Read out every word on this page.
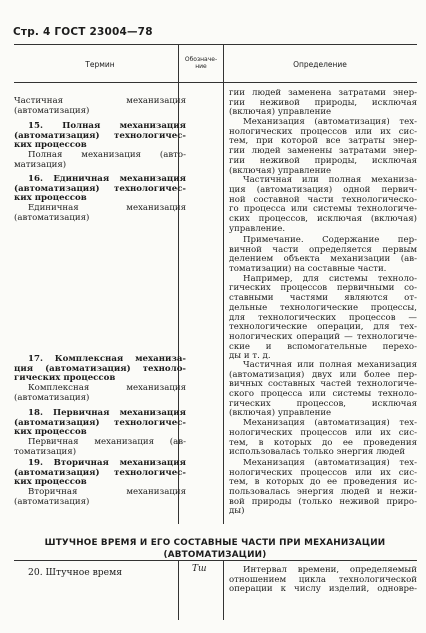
Стр. 4 ГОСТ 23004—78
Термин
Обозначе-
ние	Определение
Частичная механизация
(автоматизация)
15. Полная механизация
(автоматизация) технологичес-
ких процессов
Полная механизация (авто-
матизация)
16. Единичная механизация
(автоматизация) технологичес-
ких процессов
Единичная механизация
(автоматизация)
17. Комплексная механиза-
ция (автоматизация) техноло-
гических процессов
Комплексная механизация
(автоматизация)
18. Первичная механизация
(автоматизация) технологичес-
ких процессов
Первичная механизация (ав-
томатизация)
19. Вторичная механизация
(автоматизация) технологичес-
ких процессов
Вторичная механизация
(автоматизация)
20. Штучное время
гии людей заменена затратами энер-
гии неживой природы, исключая
(включая) управление
Механизация (автоматизация) тех-
нологических процессов или их сис-
тем, при которой все затраты энер-
гии людей заменены затратами энер-
гии неживой природы, исключая
(включая) управление
Частичная или полная механиза-
ция (автоматизация) одной первич-
ной составной части технологическо-
го процесса или системы технологиче-
ских процессов, исключая (включая)
управление.
Примечание. Содержание пер-
вичной части определяется первым
делением объекта механизации (ав-
томатизации) на составные части.
Например, для системы техноло-
гических процессов первичными со-
ставными частями являются от-
дельные технологические процессы,
для технологических процессов —
технологические операции, для тех-
нологических операций — технологиче-
ские и вспомогательные перехо-
ды и т. д.
Частичная или полная механизация
(автоматизация) двух или более пер-
вичных составных частей технологиче-
ского процесса или системы техноло-
гических процессов, исключая
(включая) управление
Механизация (автоматизация) тех-
нологических процессов или их сис-
тем, в которых до ее проведения
использовалась только энергия людей
Механизация (автоматизация) тех-
нологических процессов или их сис-
тем, в которых до ее проведения ис-
пользовалась энергия людей и нежи-
вой природы (только неживой приро-
ды)
ШТУЧНОЕ ВРЕМЯ И ЕГО СОСТАВНЫЕ ЧАСТИ ПРИ МЕХАНИЗАЦИИ
(АВТОМАТИЗАЦИИ)
Тш	Интервал времени, определяемый
отношением цикла технологической
операции к числу изделий, одновре-
